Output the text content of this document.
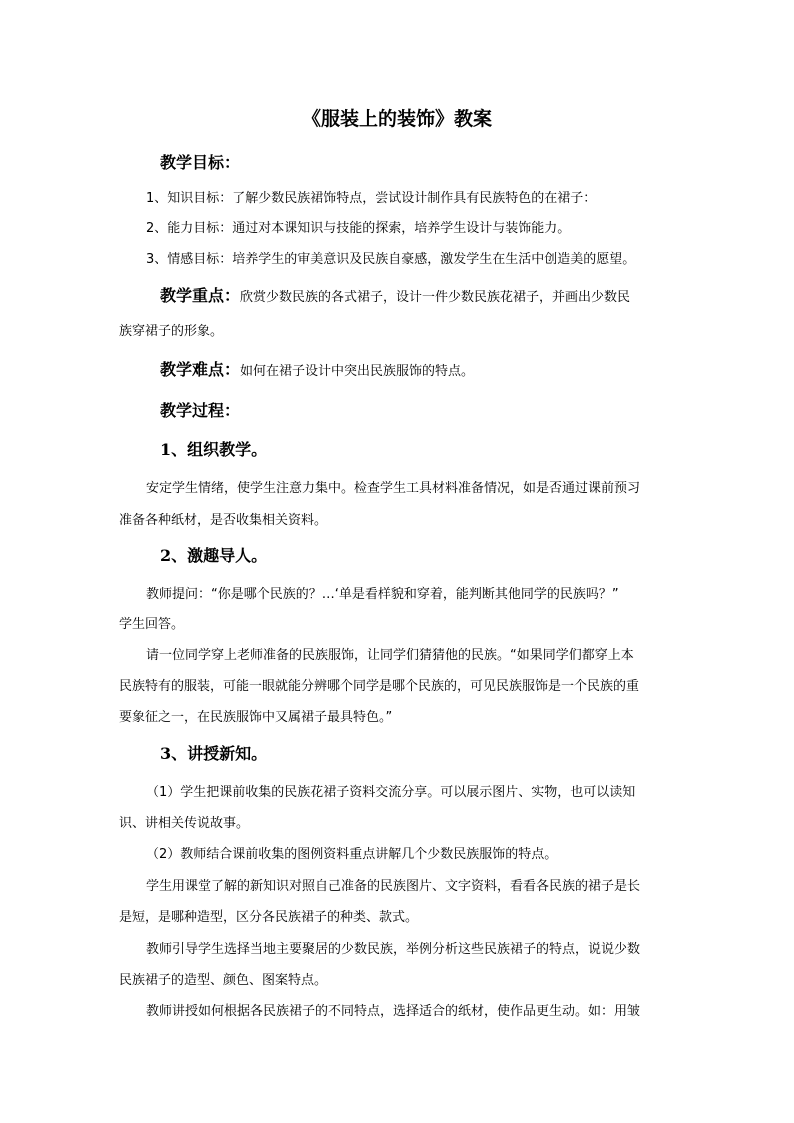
《服装上的装饰》教案
教学目标：
1、知识目标：了解少数民族裙饰特点，尝试设计制作具有民族特色的在裙子：
2、能力目标：通过对本课知识与技能的探索，培养学生设计与装饰能力。
3、情感目标：培养学生的审美意识及民族自豪感，激发学生在生活中创造美的愿望。
教学重点：欣赏少数民族的各式裙子，设计一件少数民族花裙子，并画出少数民
族穿裙子的形象。
教学难点：如何在裙子设计中突出民族服饰的特点。
教学过程：
1、组织教学。
安定学生情绪，使学生注意力集中。检查学生工具材料准备情况，如是否通过课前预习
准备各种纸材，是否收集相关资料。
2、激趣导人。
教师提问：“你是哪个民族的？…‘单是看样貌和穿着，能判断其他同学的民族吗？”
学生回答。
请一位同学穿上老师准备的民族服饰，让同学们猜猜他的民族。“如果同学们都穿上本
民族特有的服装，可能一眼就能分辨哪个同学是哪个民族的，可见民族服饰是一个民族的重
要象征之一，在民族服饰中又属裙子最具特色。”
3、讲授新知。
（1）学生把课前收集的民族花裙子资料交流分享。可以展示图片、实物，也可以读知
识、讲相关传说故事。
（2）教师结合课前收集的图例资料重点讲解几个少数民族服饰的特点。
学生用课堂了解的新知识对照自己准备的民族图片、文字资料，看看各民族的裙子是长
是短，是哪种造型，区分各民族裙子的种类、款式。
教师引导学生选择当地主要聚居的少数民族，举例分析这些民族裙子的特点，说说少数
民族裙子的造型、颜色、图案特点。
教师讲授如何根据各民族裙子的不同特点，选择适合的纸材，使作品更生动。如：用皱
